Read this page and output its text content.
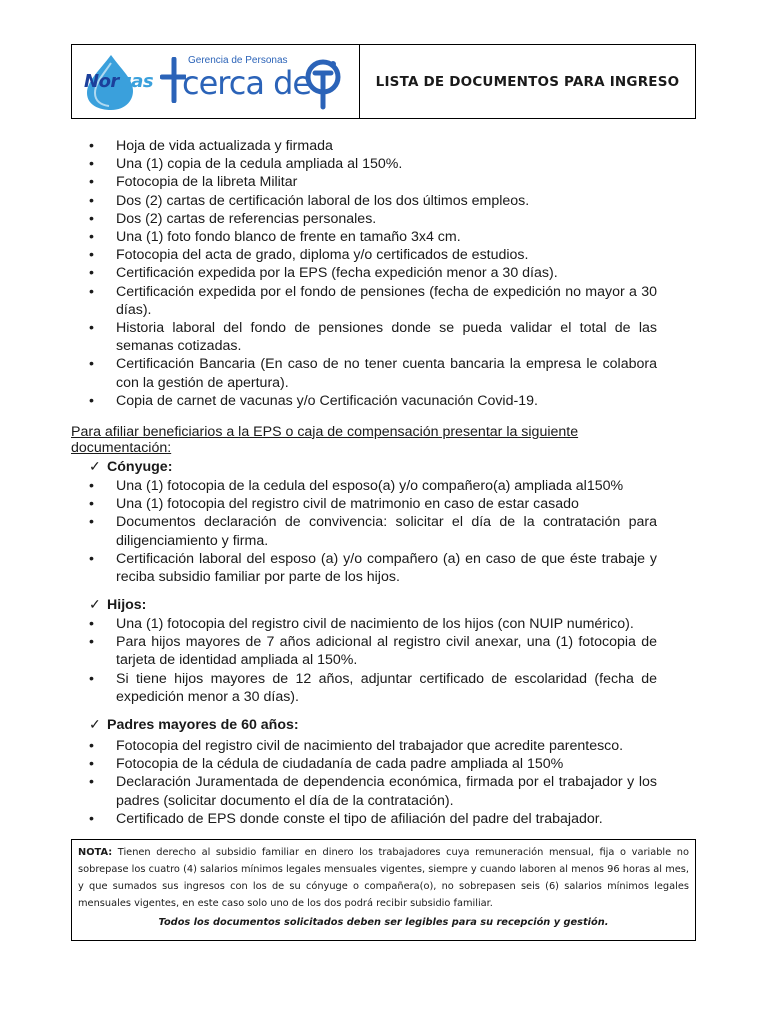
Norgas
Gerencia de Personas
cerca de	LISTA DE DOCUMENTOS PARA INGRESO
• Hoja de vida actualizada y firmada
• Una (1) copia de la cedula ampliada al 150%.
• Fotocopia de la libreta Militar
• Dos (2) cartas de certificación laboral de los dos últimos empleos.
• Dos (2) cartas de referencias personales.
• Una (1) foto fondo blanco de frente en tamaño 3x4 cm.
• Fotocopia del acta de grado, diploma y/o certificados de estudios.
• Certificación expedida por la EPS (fecha expedición menor a 30 días).
• Certificación expedida por el fondo de pensiones (fecha de expedición no mayor a 30 días).
• Historia laboral del fondo de pensiones donde se pueda validar el total de las semanas cotizadas.
• Certificación Bancaria (En caso de no tener cuenta bancaria la empresa le colabora con la gestión de apertura).
• Copia de carnet de vacunas y/o Certificación vacunación Covid-19.
Para afiliar beneficiarios a la EPS o caja de compensación presentar la siguiente documentación:
✓ Cónyuge:
• Una (1) fotocopia de la cedula del esposo(a) y/o compañero(a) ampliada al150%
• Una (1) fotocopia del registro civil de matrimonio en caso de estar casado
• Documentos declaración de convivencia: solicitar el día de la contratación para diligenciamiento y firma.
• Certificación laboral del esposo (a) y/o compañero (a) en caso de que éste trabaje y reciba subsidio familiar por parte de los hijos.
✓ Hijos:
• Una (1) fotocopia del registro civil de nacimiento de los hijos (con NUIP numérico).
• Para hijos mayores de 7 años adicional al registro civil anexar, una (1) fotocopia de tarjeta de identidad ampliada al 150%.
• Si tiene hijos mayores de 12 años, adjuntar certificado de escolaridad (fecha de expedición menor a 30 días).
✓ Padres mayores de 60 años:
• Fotocopia del registro civil de nacimiento del trabajador que acredite parentesco.
• Fotocopia de la cédula de ciudadanía de cada padre ampliada al 150%
• Declaración Juramentada de dependencia económica, firmada por el trabajador y los padres (solicitar documento el día de la contratación).
• Certificado de EPS donde conste el tipo de afiliación del padre del trabajador.
NOTA: Tienen derecho al subsidio familiar en dinero los trabajadores cuya remuneración mensual, fija o variable no sobrepase los cuatro (4) salarios mínimos legales mensuales vigentes, siempre y cuando laboren al menos 96 horas al mes, y que sumados sus ingresos con los de su cónyuge o compañera(o), no sobrepasen seis (6) salarios mínimos legales mensuales vigentes, en este caso solo uno de los dos podrá recibir subsidio familiar.
Todos los documentos solicitados deben ser legibles para su recepción y gestión.
